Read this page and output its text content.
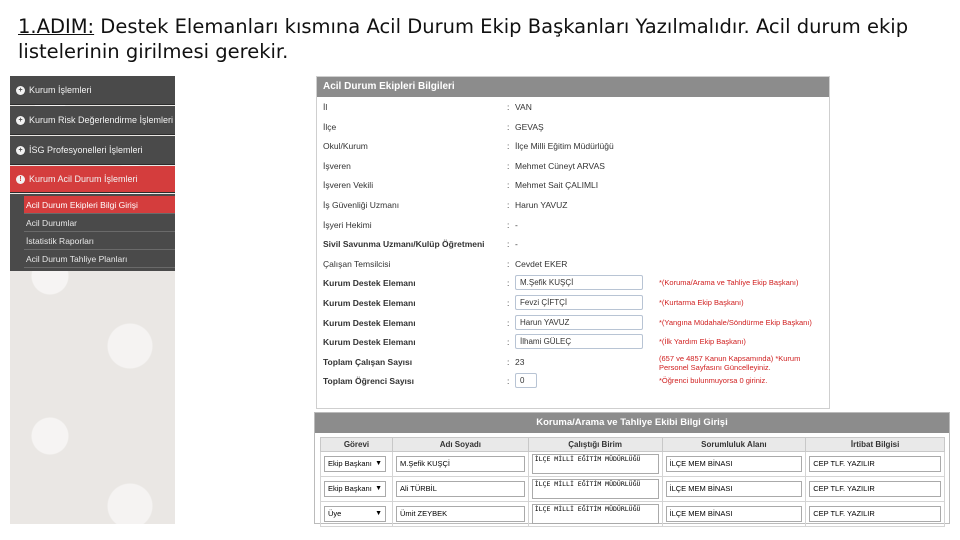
1.ADIM: Destek Elemanları kısmına Acil Durum Ekip Başkanları Yazılmalıdır. Acil durum ekip listelerinin girilmesi gerekir.
+ Kurum İşlemleri
+ Kurum Risk Değerlendirme İşlemleri
+ İSG Profesyonelleri İşlemleri
! Kurum Acil Durum İşlemleri
Acil Durum Ekipleri Bilgi Girişi
Acil Durumlar
İstatistik Raporları
Acil Durum Tahliye Planları
Acil Durum Ekipleri Bilgileri
İl	: VAN
İlçe	: GEVAŞ
Okul/Kurum	: İlçe Milli Eğitim Müdürlüğü
İşveren	: Mehmet Cüneyt ARVAS
İşveren Vekili	: Mehmet Sait ÇALIMLI
İş Güvenliği Uzmanı	: Harun YAVUZ
İşyeri Hekimi	: -
Sivil Savunma Uzmanı/Kulüp Öğretmeni	: -
Çalışan Temsilcisi	: Cevdet EKER
Kurum Destek Elemanı	:	M.Şefik KUŞÇİ	*(Koruma/Arama ve Tahliye Ekip Başkanı)
Kurum Destek Elemanı	:	Fevzi ÇİFTÇİ	*(Kurtarma Ekip Başkanı)
Kurum Destek Elemanı	:	Harun YAVUZ	*(Yangına Müdahale/Söndürme Ekip Başkanı)
Kurum Destek Elemanı	:	İlhami GÜLEÇ	*(İlk Yardım Ekip Başkanı)
Toplam Çalışan Sayısı	: 23	(657 ve 4857 Kanun Kapsamında) *Kurum Personel Sayfasını Güncelleyiniz.
Toplam Öğrenci Sayısı	:	0	*Öğrenci bulunmuyorsa 0 giriniz.
Koruma/Arama ve Tahliye Ekibi Bilgi Girişi
Görevi	Adı Soyadı	Çalıştığı Birim	Sorumluluk Alanı	İrtibat Bilgisi

Ekip Başkanı ▼	M.Şefik KUŞÇİ	İLÇE MİLLİ EĞİTİM MÜDÜRLÜĞÜ	İLÇE MEM BİNASI	CEP TLF. YAZILIR

Ekip Başkanı ▼	Ali TÜRBİL	İLÇE MİLLİ EĞİTİM MÜDÜRLÜĞÜ	İLÇE MEM BİNASI	CEP TLF. YAZILIR

Üye ▼	Ümit ZEYBEK	İLÇE MİLLİ EĞİTİM MÜDÜRLÜĞÜ	İLÇE MEM BİNASI	CEP TLF. YAZILIR
